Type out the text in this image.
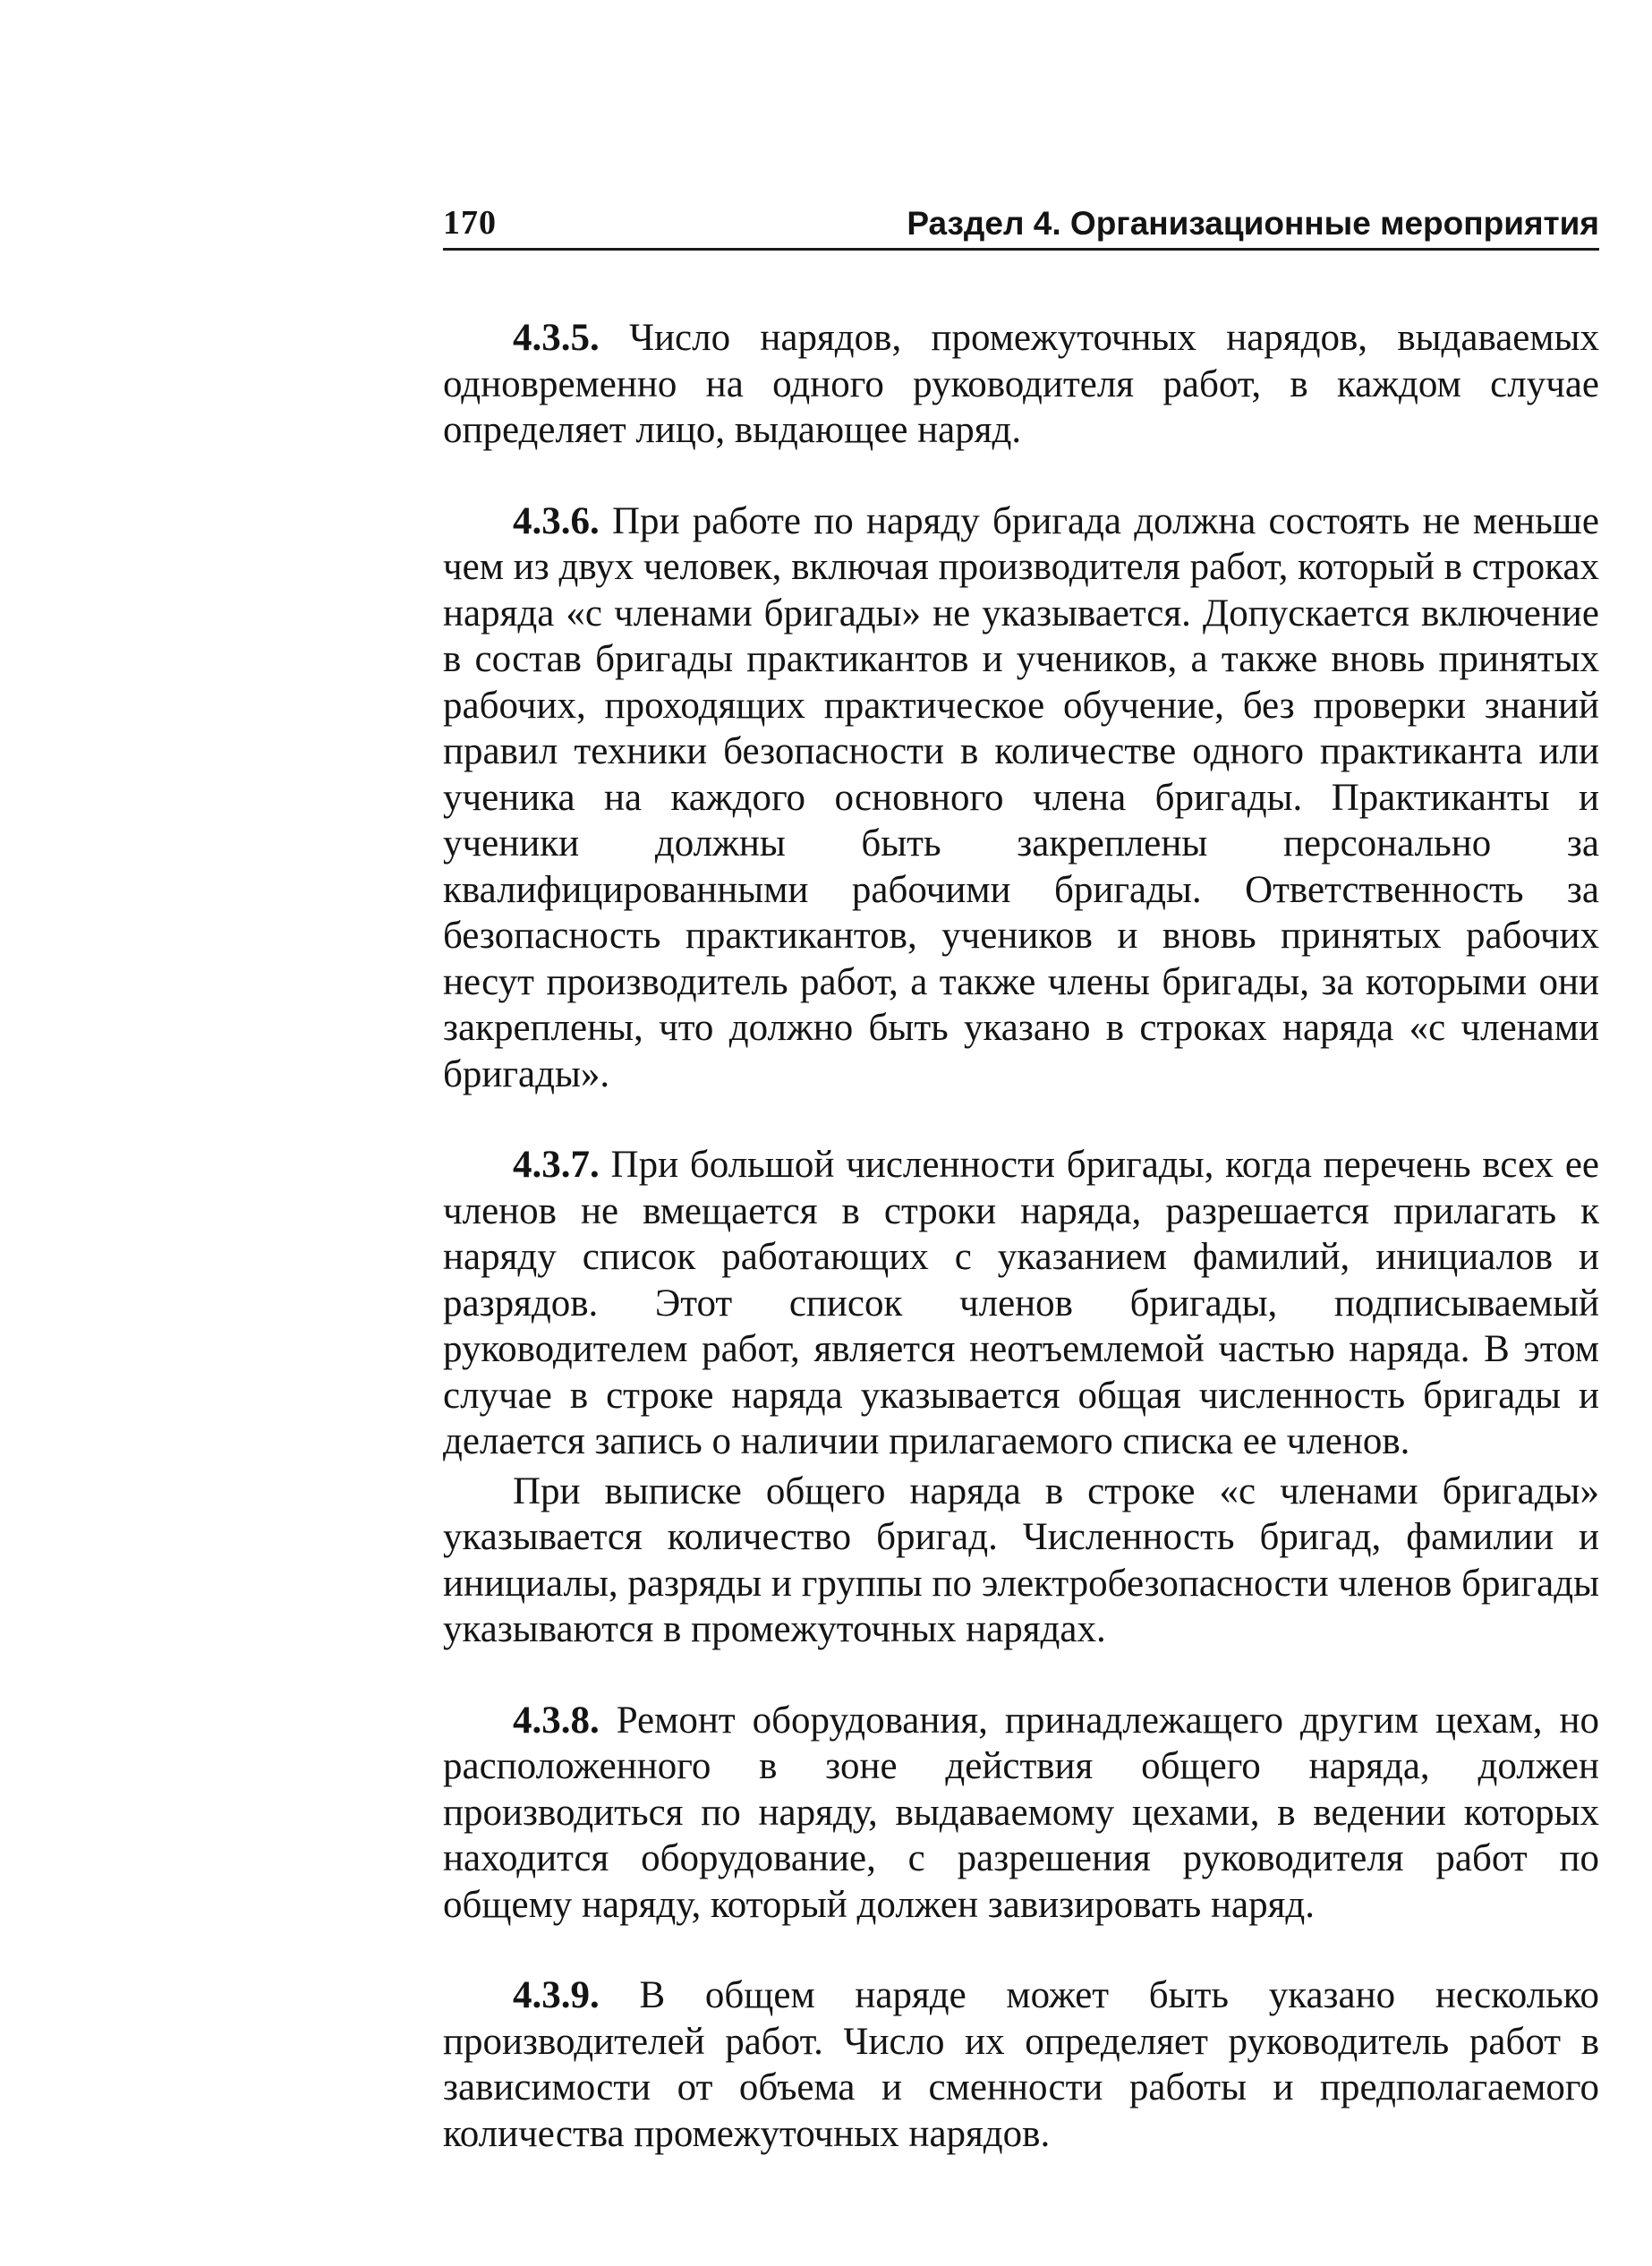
170	Раздел 4. Организационные мероприятия

4.3.5. Число нарядов, промежуточных нарядов, выдаваемых одновременно на одного руководителя работ, в каждом случае определяет лицо, выдающее наряд.

4.3.6. При работе по наряду бригада должна состоять не меньше чем из двух человек, включая производителя работ, который в строках наряда «с членами бригады» не указывается. Допускается включение в состав бригады практикантов и учеников, а также вновь принятых рабочих, проходящих практическое обучение, без проверки знаний правил техники безопасности в количестве одного практиканта или ученика на каждого основного члена бригады. Практиканты и ученики должны быть закреплены персонально за квалифицированными рабочими бригады. Ответственность за безопасность практикантов, учеников и вновь принятых рабочих несут производитель работ, а также члены бригады, за которыми они закреплены, что должно быть указано в строках наряда «с членами бригады».

4.3.7. При большой численности бригады, когда перечень всех ее членов не вмещается в строки наряда, разрешается прилагать к наряду список работающих с указанием фамилий, инициалов и разрядов. Этот список членов бригады, подписываемый руководителем работ, является неотъемлемой частью наряда. В этом случае в строке наряда указывается общая численность бригады и делается запись о наличии прилагаемого списка ее членов.

При выписке общего наряда в строке «с членами бригады» указывается количество бригад. Численность бригад, фамилии и инициалы, разряды и группы по электробезопасности членов бригады указываются в промежуточных нарядах.

4.3.8. Ремонт оборудования, принадлежащего другим цехам, но расположенного в зоне действия общего наряда, должен производиться по наряду, выдаваемому цехами, в ведении которых находится оборудование, с разрешения руководителя работ по общему наряду, который должен завизировать наряд.

4.3.9. В общем наряде может быть указано несколько производителей работ. Число их определяет руководитель работ в зависимости от объема и сменности работы и предполагаемого количества промежуточных нарядов.
